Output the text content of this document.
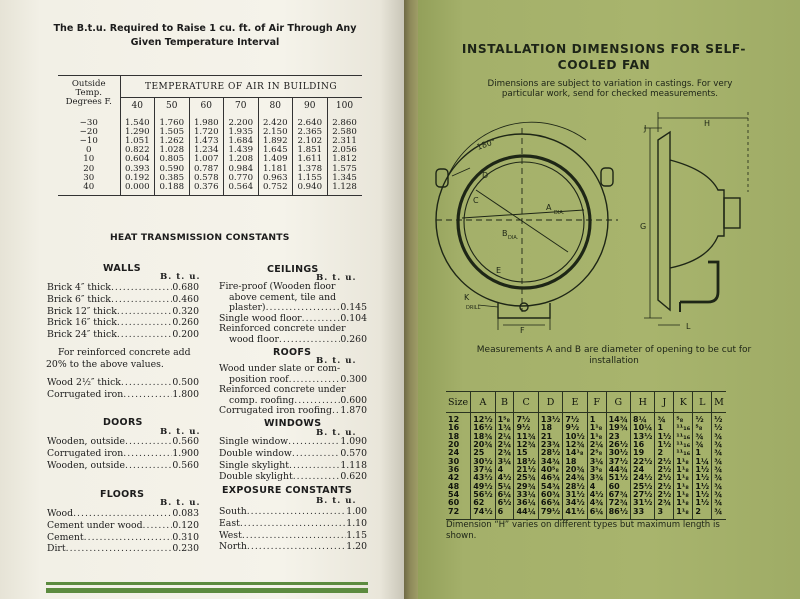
The B.t.u. Required to Raise 1 cu. ft. of Air Through Any
Given Temperature Interval
Outside
Temp.
Degrees F.	TEMPERATURE OF AIR IN BUILDING						
	40	50	60	70	80	90	100
−30	1.540	1.760	1.980	2.200	2.420	2.640	2.860
−20	1.290	1.505	1.720	1.935	2.150	2.365	2.580
−10	1.051	1.262	1.473	1.684	1.892	2.102	2.311
0	0.822	1.028	1.234	1.439	1.645	1.851	2.056
10	0.604	0.805	1.007	1.208	1.409	1.611	1.812
20	0.393	0.590	0.787	0.984	1.181	1.378	1.575
30	0.192	0.385	0.578	0.770	0.963	1.155	1.345
40	0.000	0.188	0.376	0.564	0.752	0.940	1.128
HEAT TRANSMISSION CONSTANTS
WALLS
B. t. u.
Brick 4″ thick .....	0.680
Brick 6″ thick .....	0.460
Brick 12″ thick .....	0.320
Brick 16″ thick .....	0.260
Brick 24″ thick .....	0.200
For reinforced concrete add
20% to the above values.
Wood 2½″ thick .....	0.500
Corrugated iron .....	1.800
DOORS
B. t. u.
Wooden, outside .....	0.560
Corrugated iron .....	1.900
Wooden, outside .....	0.560
FLOORS
B. t. u.
Wood .....	0.083
Cement under wood .....	0.120
Cement .....	0.310
Dirt .....	0.230
CEILINGS
B. t. u.
Fire-proof (Wooden floor
above cement, tile and
plaster) .....	0.145
Single wood floor .....	0.104
Reinforced concrete under
wood floor .....	0.260
ROOFS
B. t. u.
Wood under slate or com-
position roof .....	0.300
Reinforced concrete under
comp. roofing .....	0.600
Corrugated iron roofing ..... 1.870
WINDOWS
B. t. u.
Single window .....	1.090
Double window .....	0.570
Single skylight .....	1.118
Double skylight .....	0.620
EXPOSURE CONSTANTS
B. t. u.
South .....	1.00
East .....	1.10
West .....	1.15
North .....	1.20
INSTALLATION DIMENSIONS FOR SELF-
COOLED FAN
Dimensions are subject to variation in castings. For very
particular work, send for checked measurements.
180°
A
DIA.
B DIA.
C
D
E
F
K
DRILL
G
H
J
L
Measurements A and B are diameter of opening to be cut for
installation
Size	A	B	C	D	E	F	G	H	J	K	L	M
12	12½	1⁵₈	7½	13½	7½	1	14¾	8¼	¾	⁵₈	½	½
16	16½	1¾	9½	18	9½	1¹₈	19¾	10¼	1	¹¹₁₆	⁵₈	½
18	18¾	2¼	11¾	21	10½	1¹₈	23	13½	1½	¹¹₁₆	¾	¾
20	20¾	2¼	12¾	23¾	12¾	2¼	26½	16	1½	¹¹₁₆	¾	¾
24	25	2¾	15	28½	14¹₈	2⁵₈	30½	19	2	¹¹₁₆	1	¾
30	30½	3¼	18½	34¾	18	3¼	37½	22½	2½	1¹₈	1¼	¾
36	37¼	4	21½	40⁵₈	20¾	3⁵₈	44¾	24	2½	1¹₈	1½	¾
42	43½	4½	25¾	46¾	24¾	3¾	51½	24½	2½	1¹₈	1½	¾
48	49½	5¼	29¾	54¾	28½	4	60	25½	2½	1¹₈	1½	¾
54	56½	6¼	33¼	60¾	31½	4½	67¾	27½	2½	1¹₈	1½	¾
60	62	6½	36¼	66¾	34½	4¾	72¾	31½	2¾	1¹₈	1½	¾
72	74½	6	44¼	79½	41½	6¼	86½	33	3	1¹₈	2	¾
Dimension “H” varies on different types but maximum length is
shown.
